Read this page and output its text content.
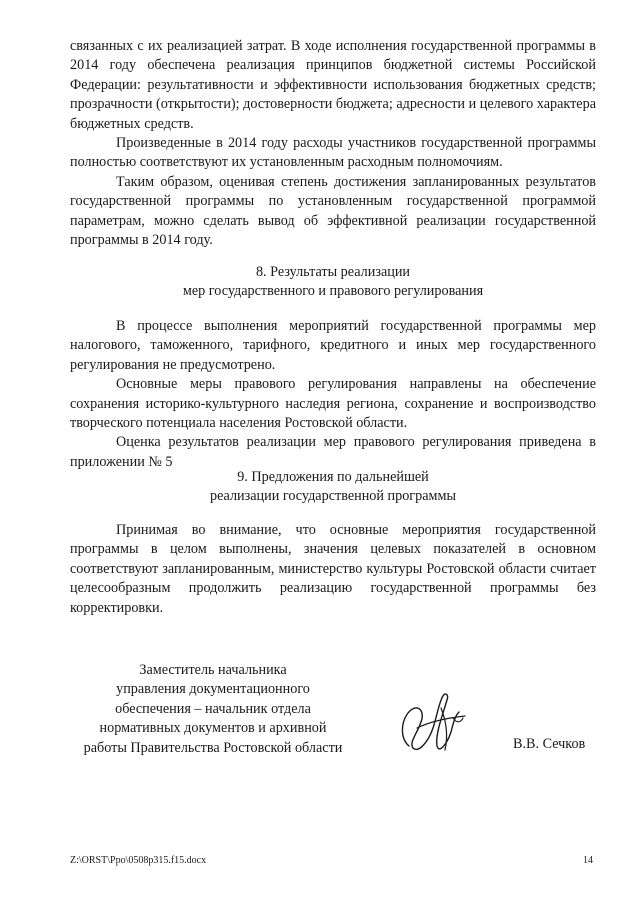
связанных с их реализацией затрат. В ходе исполнения государственной программы в 2014 году обеспечена реализация принципов бюджетной системы Российской Федерации: результативности и эффективности использования бюджетных средств; прозрачности (открытости); достоверности бюджета; адресности и целевого характера бюджетных средств.

Произведенные в 2014 году расходы участников государственной программы полностью соответствуют их установленным расходным полномочиям.

Таким образом, оценивая степень достижения запланированных результатов государственной программы по установленным государственной программой параметрам, можно сделать вывод об эффективной реализации государственной программы в 2014 году.

8. Результаты реализации
мер государственного и правового регулирования

В процессе выполнения мероприятий государственной программы мер налогового, таможенного, тарифного, кредитного и иных мер государственного регулирования не предусмотрено.

Основные меры правового регулирования направлены на обеспечение сохранения историко-культурного наследия региона, сохранение и воспроизводство творческого потенциала населения Ростовской области.

Оценка результатов реализации мер правового регулирования приведена в приложении № 5

9. Предложения по дальнейшей
реализации государственной программы

Принимая во внимание, что основные мероприятия государственной программы в целом выполнены, значения целевых показателей в основном соответствуют запланированным, министерство культуры Ростовской области считает целесообразным продолжить реализацию государственной программы без корректировки.

Заместитель начальника
управления документационного
обеспечения – начальник отдела
нормативных документов и архивной
работы Правительства Ростовской области	В.В. Сечков
Z:\ORST\Ppo\0508p315.f15.docx	14
